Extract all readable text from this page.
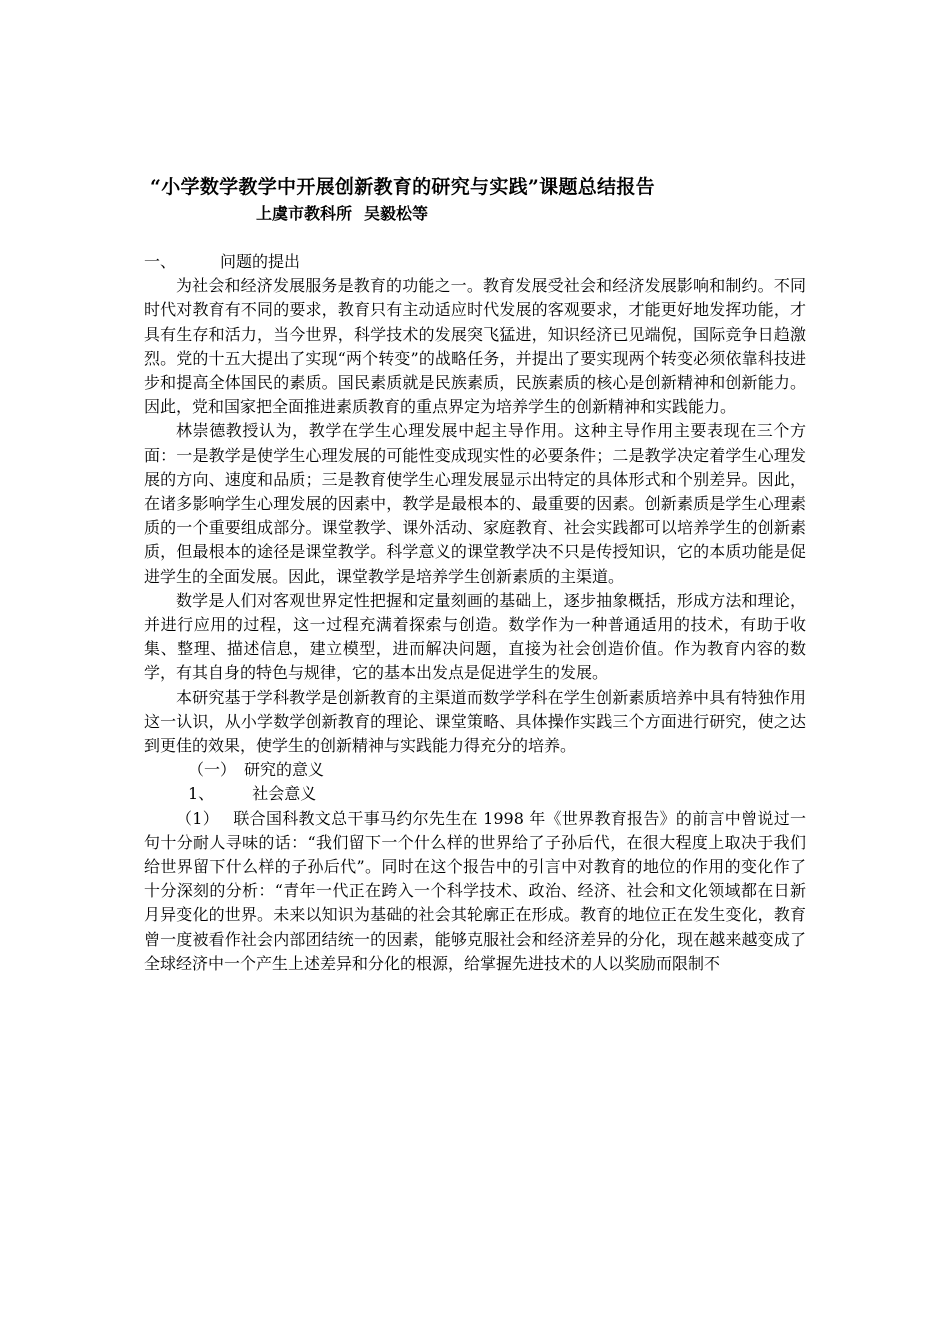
“小学数学教学中开展创新教育的研究与实践”课题总结报告
上虞市教科所 吴毅松等

一、	问题的提出

为社会和经济发展服务是教育的功能之一。教育发展受社会和经济发展影响和制约。不同时代对教育有不同的要求，教育只有主动适应时代发展的客观要求，才能更好地发挥功能，才具有生存和活力，当今世界，科学技术的发展突飞猛进，知识经济已见端倪，国际竞争日趋激烈。党的十五大提出了实现“两个转变”的战略任务，并提出了要实现两个转变必须依靠科技进步和提高全体国民的素质。国民素质就是民族素质，民族素质的核心是创新精神和创新能力。因此，党和国家把全面推进素质教育的重点界定为培养学生的创新精神和实践能力。

林崇德教授认为，教学在学生心理发展中起主导作用。这种主导作用主要表现在三个方面：一是教学是使学生心理发展的可能性变成现实性的必要条件；二是教学决定着学生心理发展的方向、速度和品质；三是教育使学生心理发展显示出特定的具体形式和个别差异。因此，在诸多影响学生心理发展的因素中，教学是最根本的、最重要的因素。创新素质是学生心理素质的一个重要组成部分。课堂教学、课外活动、家庭教育、社会实践都可以培养学生的创新素质，但最根本的途径是课堂教学。科学意义的课堂教学决不只是传授知识，它的本质功能是促进学生的全面发展。因此，课堂教学是培养学生创新素质的主渠道。

数学是人们对客观世界定性把握和定量刻画的基础上，逐步抽象概括，形成方法和理论，并进行应用的过程，这一过程充满着探索与创造。数学作为一种普通适用的技术，有助于收集、整理、描述信息，建立模型，进而解决问题，直接为社会创造价值。作为教育内容的数学，有其自身的特色与规律，它的基本出发点是促进学生的发展。

本研究基于学科教学是创新教育的主渠道而数学学科在学生创新素质培养中具有特独作用这一认识，从小学数学创新教育的理论、课堂策略、具体操作实践三个方面进行研究，使之达到更佳的效果，使学生的创新精神与实践能力得充分的培养。

（一） 研究的意义

1、 社会意义

（1） 联合国科教文总干事马约尔先生在 1998 年《世界教育报告》的前言中曾说过一句十分耐人寻味的话：“我们留下一个什么样的世界给了子孙后代，在很大程度上取决于我们给世界留下什么样的子孙后代”。同时在这个报告中的引言中对教育的地位的作用的变化作了十分深刻的分析：“青年一代正在跨入一个科学技术、政治、经济、社会和文化领域都在日新月异变化的世界。未来以知识为基础的社会其轮廓正在形成。教育的地位正在发生变化，教育曾一度被看作社会内部团结统一的因素，能够克服社会和经济差异的分化，现在越来越变成了全球经济中一个产生上述差异和分化的根源，给掌握先进技术的人以奖励而限制不
